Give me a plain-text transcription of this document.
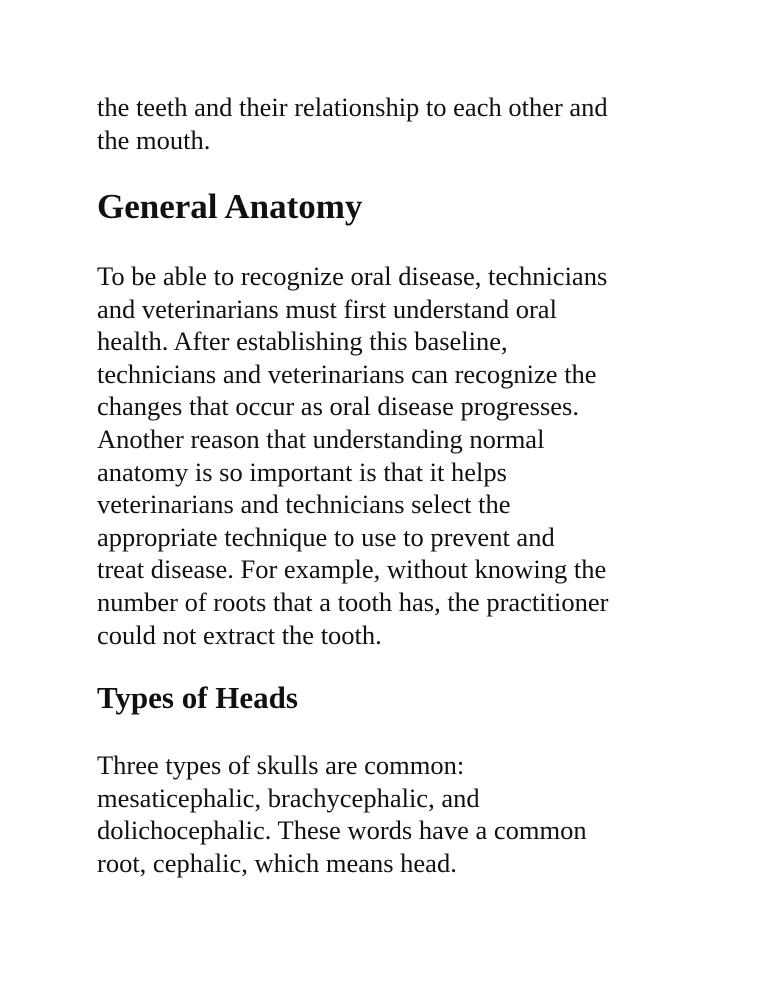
the teeth and their relationship to each other and
the mouth.

General Anatomy

To be able to recognize oral disease, technicians
and veterinarians must first understand oral
health. After establishing this baseline,
technicians and veterinarians can recognize the
changes that occur as oral disease progresses.
Another reason that understanding normal
anatomy is so important is that it helps
veterinarians and technicians select the
appropriate technique to use to prevent and
treat disease. For example, without knowing the
number of roots that a tooth has, the practitioner
could not extract the tooth.

Types of Heads

Three types of skulls are common:
mesaticephalic, brachycephalic, and
dolichocephalic. These words have a common
root, cephalic, which means head.
